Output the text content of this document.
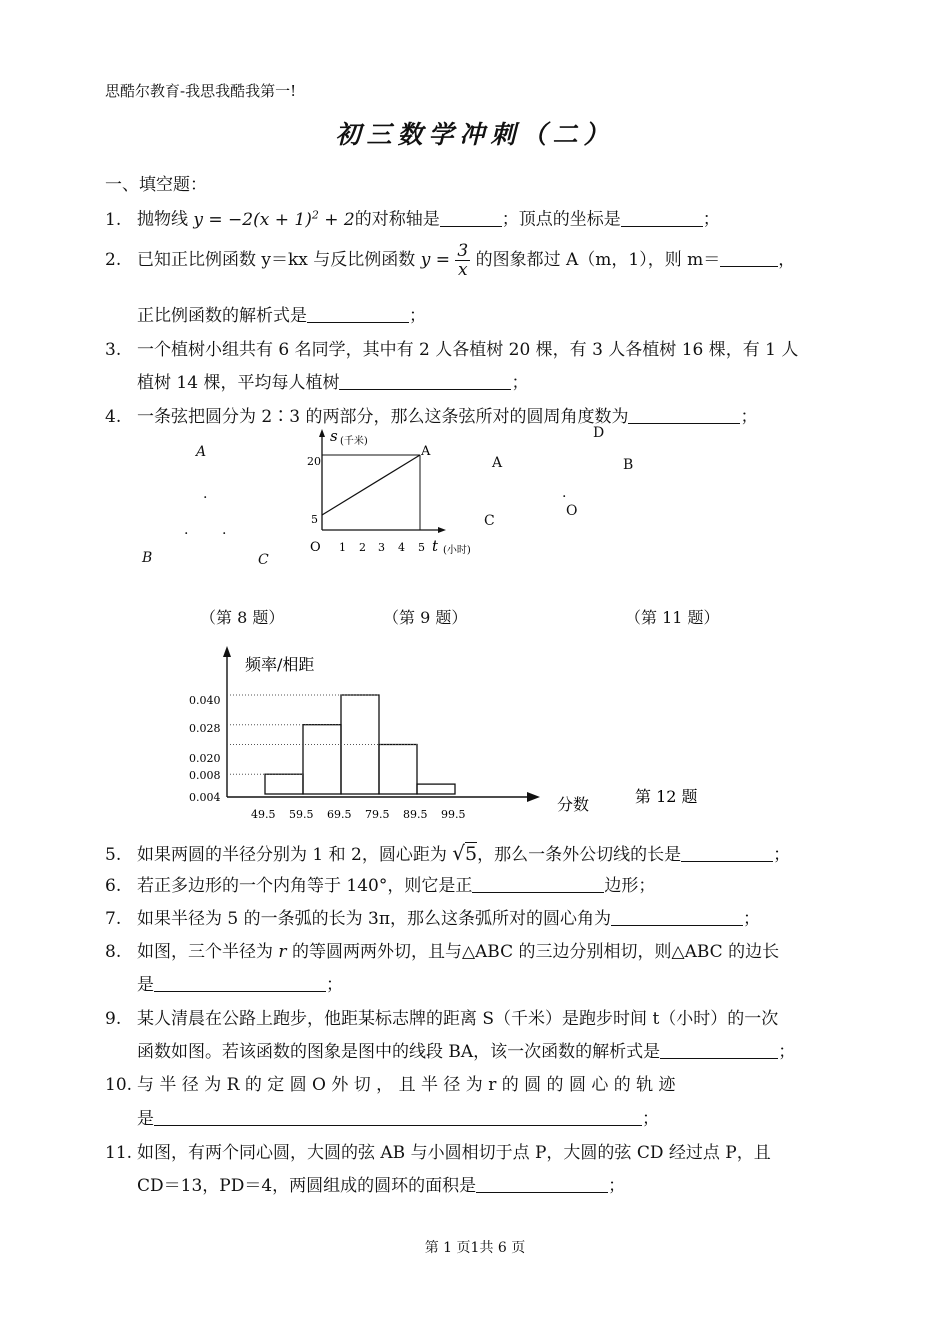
思酷尔教育-我思我酷我第一!
初三数学冲刺（二）
一、填空题：
1. 抛物线 $y = -2(x + 1)^2 + 2$的对称轴是	；顶点的坐标是	；
2. 已知正比例函数 y＝kx 与反比例函数 $y = \frac{3}{x}$ 的图象都过 A（m，1），则 m＝	，
正比例函数的解析式是	；
3. 一个植树小组共有 6 名同学，其中有 2 人各植树 20 棵，有 3 人各植树 16 棵，有 1 人
植树 14 棵，平均每人植树	；
4. 一条弦把圆分为 2∶3 的两部分，那么这条弦所对的圆周角度数为	；
A
.
. .
B	C
s (千米)
20
5
A
O 1 2 3 4 5 t (小时)
D
B
A
.
O
C
（第 8 题）	（第 9 题）	（第 11 题）
频率/相距
分数	第 12 题
0.040
0.028
0.020
0.008
0.004
49.5 59.5 69.5 79.5 89.5 99.5
5. 如果两圆的半径分别为 1 和 2，圆心距为 √5，那么一条外公切线的长是	；
6. 若正多边形的一个内角等于 140°，则它是正	边形；
7. 如果半径为 5 的一条弧的长为 3π，那么这条弧所对的圆心角为	；
8. 如图，三个半径为 r 的等圆两两外切，且与△ABC 的三边分别相切，则△ABC 的边长
是	；
9. 某人清晨在公路上跑步，他距某标志牌的距离 S（千米）是跑步时间 t（小时）的一次
函数如图。若该函数的图象是图中的线段 BA，该一次函数的解析式是	；
10. 与 半 径 为 R 的 定 圆 O 外 切 ， 且 半 径 为 r 的 圆 的 圆 心 的 轨 迹
是	；
11. 如图，有两个同心圆，大圆的弦 AB 与小圆相切于点 P，大圆的弦 CD 经过点 P，且
CD＝13，PD＝4，两圆组成的圆环的面积是	；
第 1 页1共 6 页
